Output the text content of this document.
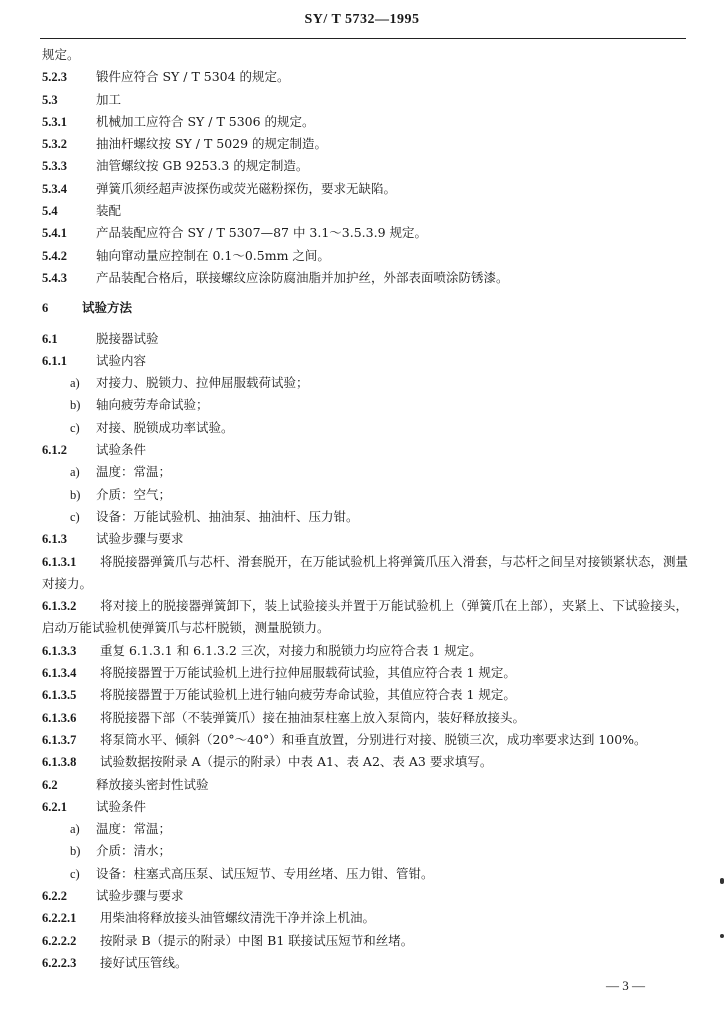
SY/ T 5732—1995
规定。
5.2.3 锻件应符合 SY / T 5304 的规定。
5.3	加工
5.3.1 机械加工应符合 SY / T 5306 的规定。
5.3.2 抽油杆螺纹按 SY / T 5029 的规定制造。
5.3.3 油管螺纹按 GB 9253.3 的规定制造。
5.3.4 弹簧爪须经超声波探伤或荧光磁粉探伤，要求无缺陷。
5.4	装配
5.4.1 产品装配应符合 SY / T 5307—87 中 3.1～3.5.3.9 规定。
5.4.2 轴向窜动量应控制在 0.1～0.5mm 之间。
5.4.3 产品装配合格后，联接螺纹应涂防腐油脂并加护丝，外部表面喷涂防锈漆。
6	试验方法
6.1	脱接器试验
6.1.1 试验内容
a) 对接力、脱锁力、拉伸屈服载荷试验；
b) 轴向疲劳寿命试验；
c) 对接、脱锁成功率试验。
6.1.2 试验条件
a) 温度：常温；
b) 介质：空气；
c) 设备：万能试验机、抽油泵、抽油杆、压力钳。
6.1.3 试验步骤与要求
6.1.3.1 将脱接器弹簧爪与芯杆、滑套脱开，在万能试验机上将弹簧爪压入滑套，与芯杆之间呈对接锁紧状态，测量对接力。
6.1.3.2 将对接上的脱接器弹簧卸下，装上试验接头并置于万能试验机上（弹簧爪在上部），夹紧上、下试验接头，启动万能试验机使弹簧爪与芯杆脱锁，测量脱锁力。
6.1.3.3 重复 6.1.3.1 和 6.1.3.2 三次，对接力和脱锁力均应符合表 1 规定。
6.1.3.4 将脱接器置于万能试验机上进行拉伸屈服载荷试验，其值应符合表 1 规定。
6.1.3.5 将脱接器置于万能试验机上进行轴向疲劳寿命试验，其值应符合表 1 规定。
6.1.3.6 将脱接器下部（不装弹簧爪）接在抽油泵柱塞上放入泵筒内，装好释放接头。
6.1.3.7 将泵筒水平、倾斜（20°～40°）和垂直放置，分别进行对接、脱锁三次，成功率要求达到 100%。
6.1.3.8 试验数据按附录 A（提示的附录）中表 A1、表 A2、表 A3 要求填写。
6.2	释放接头密封性试验
6.2.1 试验条件
a) 温度：常温；
b) 介质：清水；
c) 设备：柱塞式高压泵、试压短节、专用丝堵、压力钳、管钳。
6.2.2 试验步骤与要求
6.2.2.1 用柴油将释放接头油管螺纹清洗干净并涂上机油。
6.2.2.2 按附录 B（提示的附录）中图 B1 联接试压短节和丝堵。
6.2.2.3 接好试压管线。
— 3 —
